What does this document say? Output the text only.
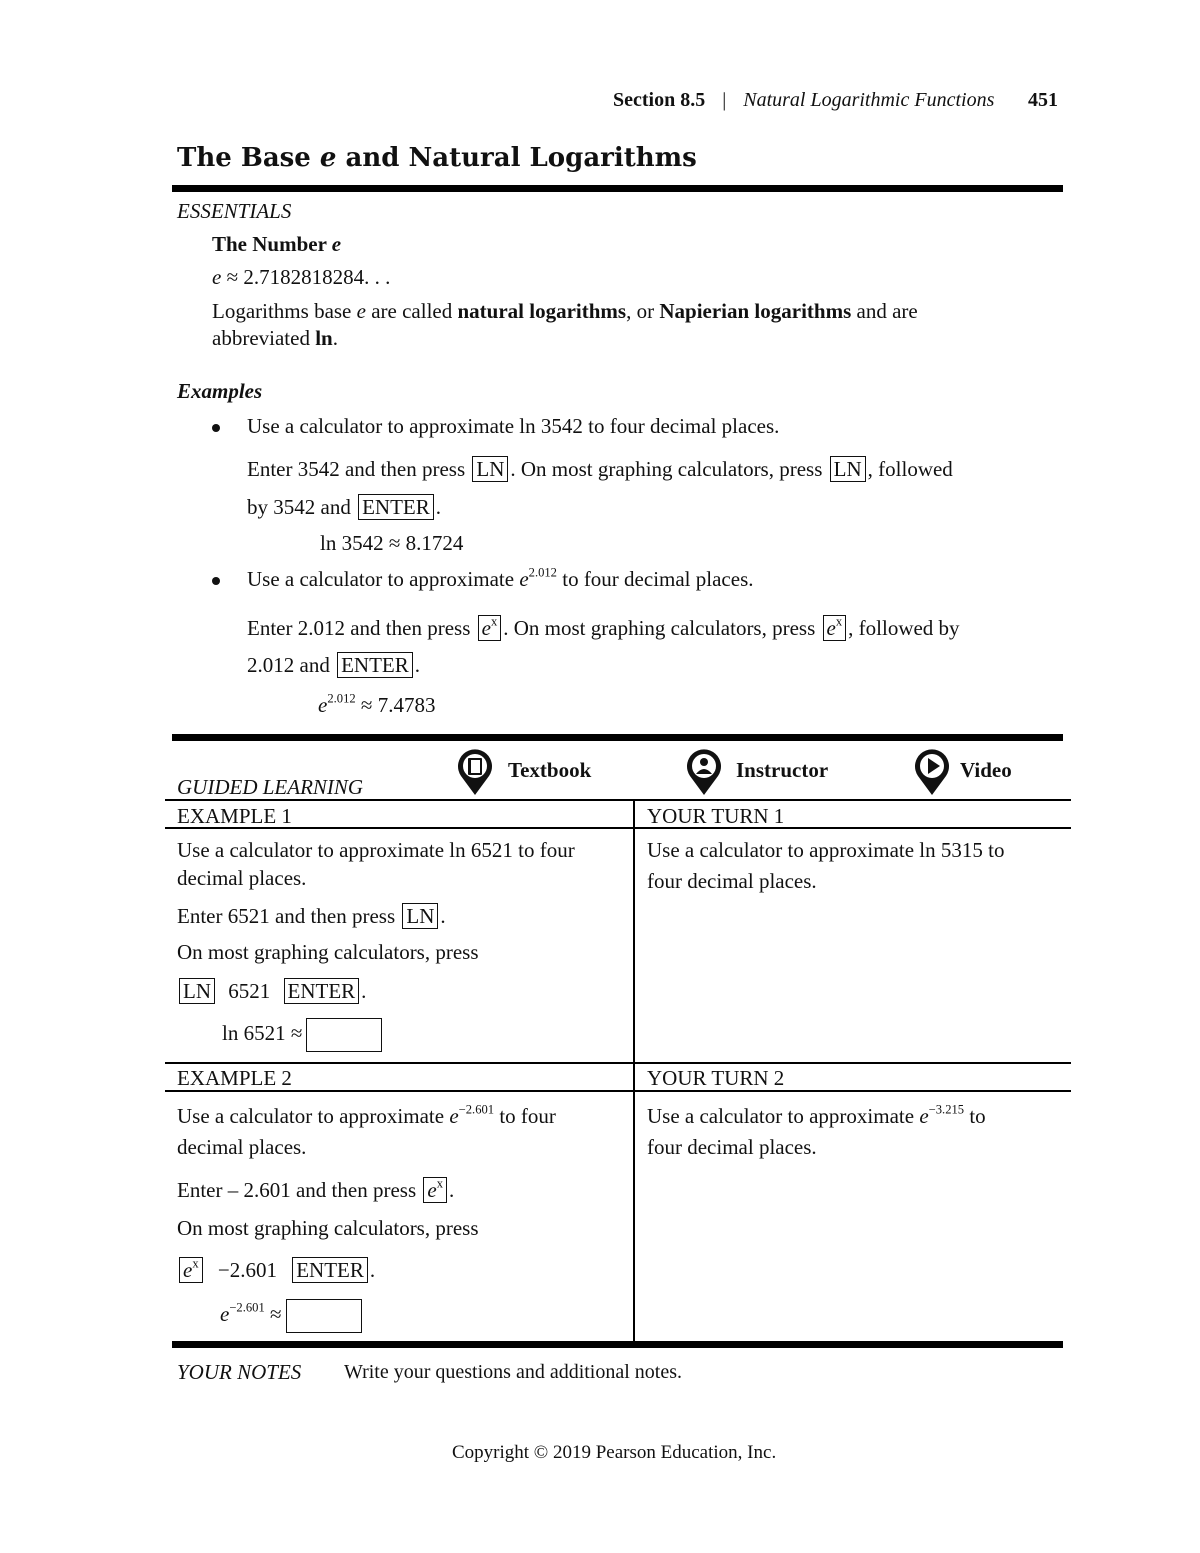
Section 8.5 | Natural Logarithmic Functions 451
The Base e and Natural Logarithms
ESSENTIALS
The Number e
e ≈ 2.7182818284. . .
Logarithms base e are called natural logarithms, or Napierian logarithms and are
abbreviated ln.
Examples
Use a calculator to approximate ln 3542 to four decimal places.
Enter 3542 and then press LN . On most graphing calculators, press LN , followed
by 3542 and ENTER .
ln 3542 ≈ 8.1724
Use a calculator to approximate $e^{2.012}$ to four decimal places.
Enter 2.012 and then press $e^x$ . On most graphing calculators, press $e^x$ , followed by
2.012 and ENTER .
$e^{2.012} \approx 7.4783$
GUIDED LEARNING
Textbook	Instructor	Video
EXAMPLE 1
Use a calculator to approximate ln 6521 to four
decimal places.
Enter 6521 and then press LN .
On most graphing calculators, press
LN 6521 ENTER .
ln 6521 ≈
YOUR TURN 1
Use a calculator to approximate ln 5315 to
four decimal places.
EXAMPLE 2
Use a calculator to approximate $e^{-2.601}$ to four
decimal places.
Enter – 2.601 and then press $e^x$ .
On most graphing calculators, press
$e^x -2.601$ ENTER .
$e^{-2.601}$ ≈
YOUR TURN 2
Use a calculator to approximate $e^{-3.215}$ to
four decimal places.
YOUR NOTES Write your questions and additional notes.
Copyright © 2019 Pearson Education, Inc.
